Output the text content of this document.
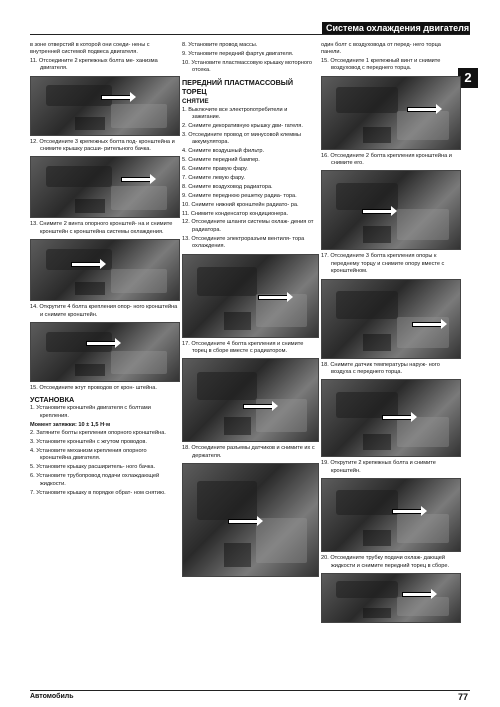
Система охлаждения двигателя
2

в зоне отверстий в которой они соеди- нены с внутренней системой подвеса двигателя.

11. Отсоедините 2 крепежных болта ме- ханизма двигателя.

12. Отсоедините 3 крепежных болта под- кронштейна и снимите крышку расши- рительного бачка.

13. Снимите 2 винта опорного кронштей- на и снимите кронштейн с кронштейна системы охлаждения.

14. Открутите 4 болта крепления опор- ного кронштейна и снимите кронштейн.

15. Отсоедините жгут проводов от крон- штейна.

УСТАНОВКА

1. Установите кронштейн двигателя с болтами крепления.

Момент затяжки: 10 ± 1,5 Н·м

2. Затяните болты крепления опорного кронштейна.

3. Установите кронштейн с жгутом проводов.

4. Установите механизм крепления опорного кронштейна двигателя.

5. Установите крышку расширитель- ного бачка.

6. Установите трубопровод подачи охлаждающей жидкости.

7. Установите крышку в порядке обрат- ном снятию.

8. Установите провод массы.

9. Установите передний фартук двигателя.

10. Установите пластмассовую крышку моторного отсека.

ПЕРЕДНИЙ ПЛАСТМАССОВЫЙ ТОРЕЦ
СНЯТИЕ

1. Выключите все электропотребители и зажигание.

2. Снимите декоративную крышку дви- гателя.

3. Отсоедините провод от минусовой клеммы аккумулятора.

4. Снимите воздушный фильтр.

5. Снимите передний бампер.

6. Снимите правую фару.

7. Снимите левую фару.

8. Снимите воздуховод радиатора.

9. Снимите переднюю решетку радиа- тора.

10. Снимите нижний кронштейн радиато- ра.

11. Снимите конденсатор кондиционера.

12. Отсоедините шланги системы охлаж- дения от радиатора.

13. Отсоедините электроразъем вентиля- тора охлаждения.

17. Отсоедините 4 болта крепления и снимите торец в сборе вместе с радиатором.

18. Отсоедините разъемы датчиков и снимите их с держателя.

один болт с воздуховода от перед- него торца панели.

15. Отсоедините 1 крепежный винт и снимите воздуховод с переднего торца.

16. Отсоедините 2 болта крепления кронштейна и снимите его.

17. Отсоедините 3 болта крепления опоры к переднему торцу и снимите опору вместе с кронштейном.

18. Снимите датчик температуры наруж- ного воздуха с переднего торца.

19. Открутите 2 крепежных болта и снимите кронштейн.

20. Отсоедините трубку подачи охлаж- дающей жидкости и снимите передний торец в сборе.

Автомобиль	77
